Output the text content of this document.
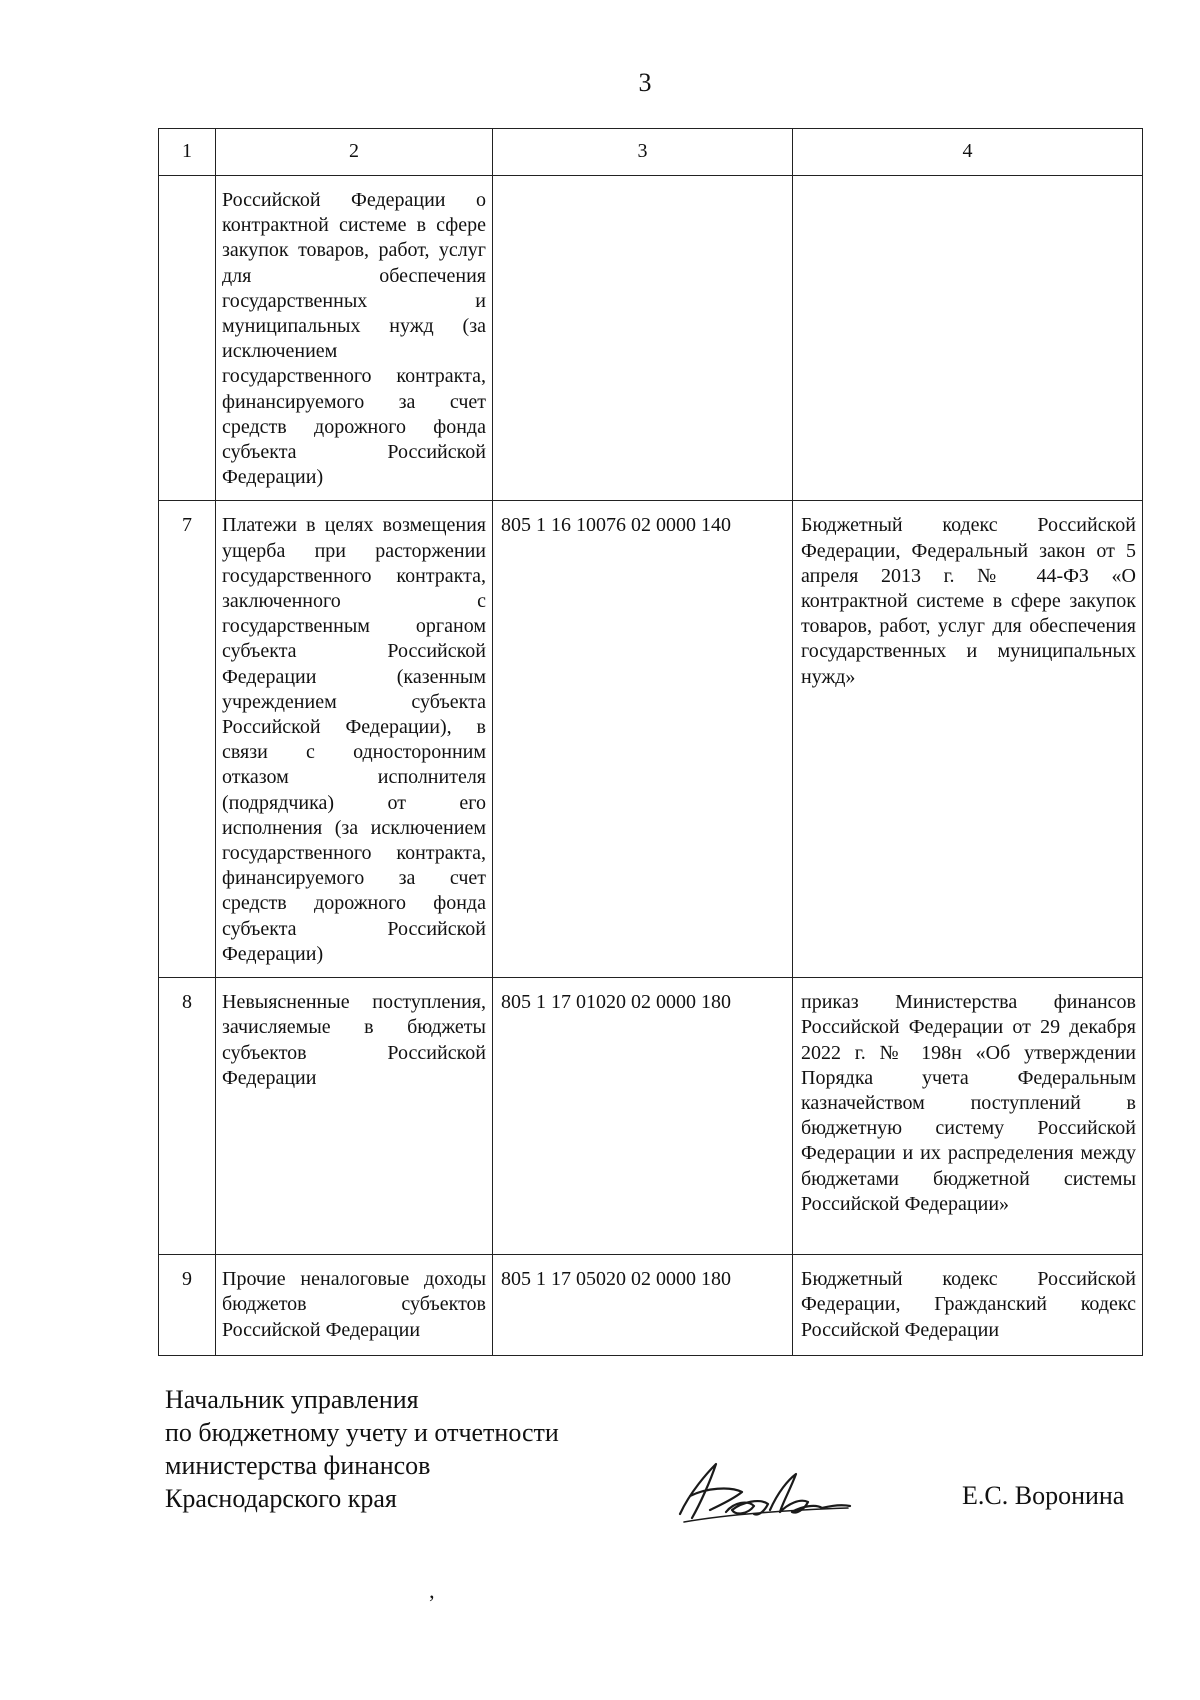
3
1	2	3	4
	Российской Федерации о контрактной системе в сфере закупок товаров, работ, услуг для обеспечения государственных и муниципальных нужд (за исключением государственного контракта, финансируемого за счет средств дорожного фонда субъекта Российской Федерации)		
7	Платежи в целях возмещения ущерба при расторжении государственного контракта, заключенного с государственным органом субъекта Российской Федерации (казенным учреждением субъекта Российской Федерации), в связи с односторонним отказом исполнителя (подрядчика) от его исполнения (за исключением государственного контракта, финансируемого за счет средств дорожного фонда субъекта Российской Федерации)	805 1 16 10076 02 0000 140	Бюджетный кодекс Российской Федерации, Федеральный закон от 5 апреля 2013 г. № 44-ФЗ «О контрактной системе в сфере закупок товаров, работ, услуг для обеспечения государственных и муниципальных нужд»
8	Невыясненные поступления, зачисляемые в бюджеты субъектов Российской Федерации	805 1 17 01020 02 0000 180	приказ Министерства финансов Российской Федерации от 29 декабря 2022 г. № 198н «Об утверждении Порядка учета Федеральным казначейством поступлений в бюджетную систему Российской Федерации и их распределения между бюджетами бюджетной системы Российской Федерации»
9	Прочие неналоговые доходы бюджетов субъектов Российской Федерации	805 1 17 05020 02 0000 180	Бюджетный кодекс Российской Федерации, Гражданский кодекс Российской Федерации
Начальник управления
по бюджетному учету и отчетности
министерства финансов
Краснодарского края	Е.С. Воронина
’
